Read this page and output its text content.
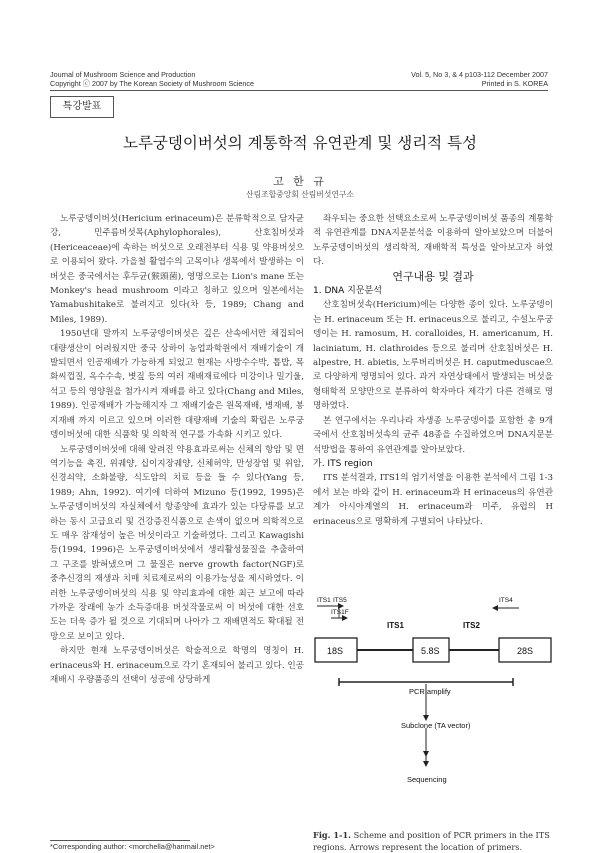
Journal of Mushroom Science and Production
Copyright ⓒ 2007 by The Korean Society of Mushroom Science
Vol. 5, No 3, & 4 p103-112 December 2007
Printed in S. KOREA
특강발표
노루궁뎅이버섯의 계통학적 유연관계 및 생리적 특성
고 한 규
산림조합중앙회 산림버섯연구소

노루궁뎅이버섯(Hericium erinaceum)은 분류학적으로 담자균강, 민주름버섯목(Aphylophorales), 산호침버섯과(Hericeaceae)에 속하는 버섯으로 오래전부터 식용 및 약용버섯으로 이용되어 왔다. 가을철 활엽수의 고목이나 생목에서 발생하는 이 버섯은 중국에서는 후두균(猴頭菌), 영명으로는 Lion's mane 또는 Monkey's head mushroom 이라고 칭하고 있으며 일본에서는 Yamabushitake로 불려지고 있다(차 등, 1989; Chang and Miles, 1989).

1950년대 말까지 노루궁뎅이버섯은 깊은 산속에서만 채집되어 대량생산이 어려웠지만 중국 상하이 농업과학원에서 재배기술이 개발되면서 인공재배가 가능하게 되었고 현재는 사방수수박, 톱밥, 목화씨껍질, 옥수수속, 볏짚 등의 여러 재배재료에다 미강이나 밀기울, 석고 등의 영양원을 첨가시켜 재배를 하고 있다(Chang and Miles, 1989). 인공재배가 가능해지자 그 재배기술은 원목재배, 병재배, 봉지재배 까지 이르고 있으며 이러한 대량재배 기술의 확립은 노루궁뎅이버섯에 대한 식품학 및 의학적 연구를 가속화 시키고 있다.

노루궁뎅이버섯에 대해 알려진 약용효과로써는 신체의 항암 및 면역기능을 촉진, 위궤양, 십이지장궤양, 신체허약, 만성장염 및 위암, 신경쇠약, 소화불량, 식도암의 치료 등을 들 수 있다(Yang 등, 1989; Ahn, 1992). 여기에 더하여 Mizuno 등(1992, 1995)은 노루궁뎅이버섯의 자실체에서 항종양에 효과가 있는 다당류를 보고하는 동시 고급요리 및 건강증진식품으로 손색이 없으며 의학적으로도 매우 잠재성이 높은 버섯이라고 기술하였다. 그리고 Kawagishi 등(1994, 1996)은 노루궁뎅이버섯에서 생리활성물질을 추출하여 그 구조를 밝혀냈으며 그 물질은 nerve growth factor(NGF)로 중추신경의 재생과 치매 치료제로써의 이용가능성을 제시하였다. 이러한 노루궁뎅이버섯의 식용 및 약리효과에 대한 최근 보고에 따라 가까운 장래에 농가 소득증대용 버섯작물로써 이 버섯에 대한 선호도는 더욱 증가 될 것으로 기대되며 나아가 그 재배면적도 확대될 전망으로 보이고 있다.

하지만 현재 노루궁뎅이버섯은 학술적으로 학명의 명칭이 H. erinaceus와 H. erinaceum으로 각기 혼재되어 불리고 있다. 인공재배시 우량품종의 선택이 성공에 상당하게

좌우되는 중요한 선택요소로써 노루궁뎅이버섯 품종의 계통학적 유연관계를 DNA지문분석을 이용하여 알아보았으며 더불어 노루궁뎅이버섯의 생리학적, 재배학적 특성을 알아보고자 하였다.

연구내용 및 결과

1. DNA 지문분석

산호침버섯속(Hericium)에는 다양한 종이 있다. 노루궁뎅이는 H. erinaceum 또는 H. erinaceus으로 불리고, 수설노루궁뎅이는 H. ramosum, H. coralloides, H. americanum, H. laciniatum, H. clathroides 등으로 불리며 산호침버섯은 H. alpestre, H. abietis, 노루버리버섯은 H. caputmeduscae으로 다양하게 명명되어 있다. 과거 자연상태에서 발생되는 버섯을 형태학적 모양만으로 분류하여 학자마다 제각기 다른 견해로 명명하였다.

본 연구에서는 우리나라 자생종 노루궁뎅이를 포함한 총 9개국에서 산호침버섯속의 균주 48종을 수집하였으며 DNA지문분석방법을 통하여 유연관계를 알아보았다.

가. ITS region

ITS 분석결과, ITS1의 엄기서열을 이용한 분석에서 그림 1-3에서 보는 바와 같이 H. erinaceum과 H erinaceus의 유연관계가 아시아계열의 H. erinaceum과 미주, 유럽의 H erinaceus으로 명확하게 구별되어 나타났다.

ITS1 ITS5
ITS1F
ITS4
ITS1	ITS2
18S	5.8S	28S
PCR amplify
Subclone (TA vector)
Sequencing
Fig. 1-1. Scheme and position of PCR primers in the ITS regions. Arrows represent the location of primers.
*Corresponding author: <morchella@hanmail.net>
